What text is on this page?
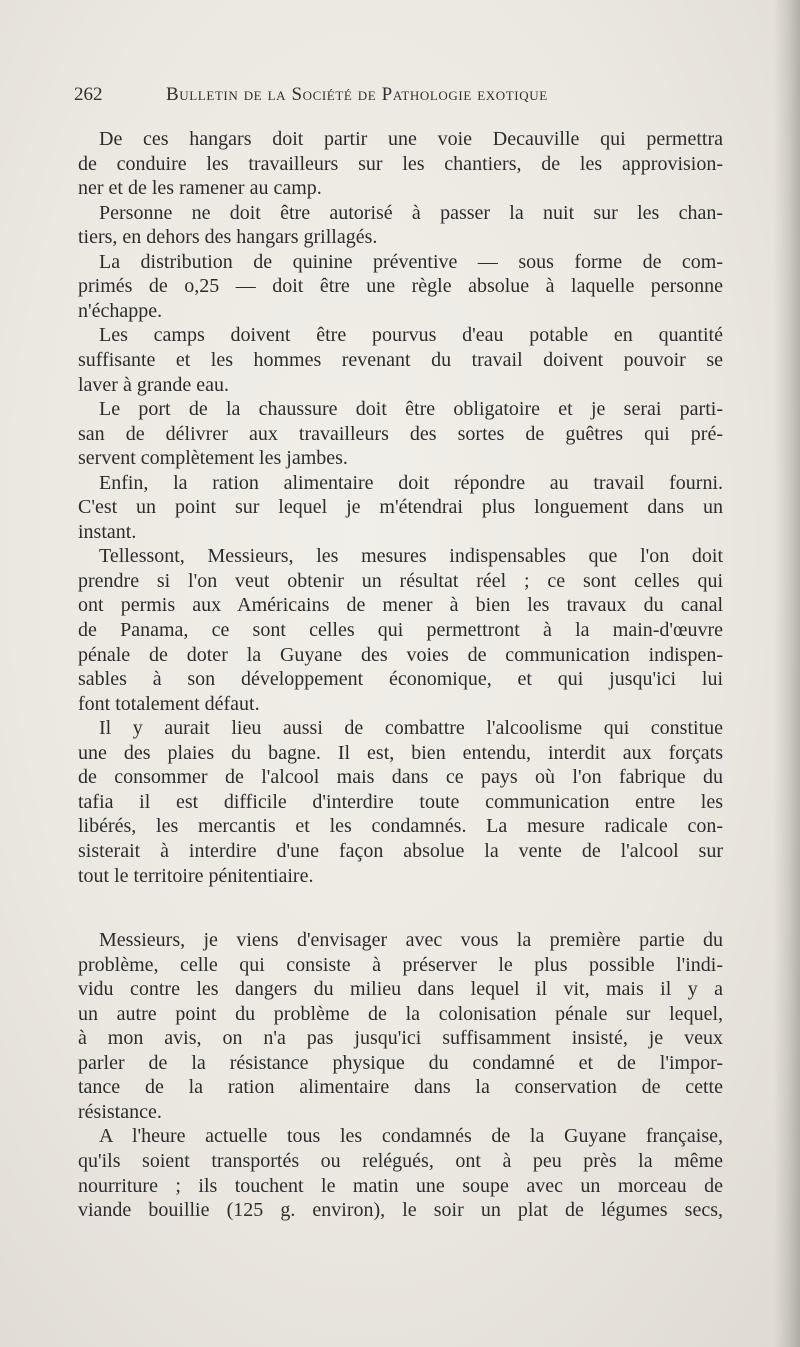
262	Bulletin de la Société de Pathologie exotique
De ces hangars doit partir une voie Decauville qui permettra
de conduire les travailleurs sur les chantiers, de les approvision-
ner et de les ramener au camp.
Personne ne doit être autorisé à passer la nuit sur les chan-
tiers, en dehors des hangars grillagés.
La distribution de quinine préventive — sous forme de com-
primés de o,25 — doit être une règle absolue à laquelle personne
n'échappe.
Les camps doivent être pourvus d'eau potable en quantité
suffisante et les hommes revenant du travail doivent pouvoir se
laver à grande eau.
Le port de la chaussure doit être obligatoire et je serai parti-
san de délivrer aux travailleurs des sortes de guêtres qui pré-
servent complètement les jambes.
Enfin, la ration alimentaire doit répondre au travail fourni.
C'est un point sur lequel je m'étendrai plus longuement dans un
instant.
Tellessont, Messieurs, les mesures indispensables que l'on doit
prendre si l'on veut obtenir un résultat réel ; ce sont celles qui
ont permis aux Américains de mener à bien les travaux du canal
de Panama, ce sont celles qui permettront à la main-d'œuvre
pénale de doter la Guyane des voies de communication indispen-
sables à son développement économique, et qui jusqu'ici lui
font totalement défaut.
Il y aurait lieu aussi de combattre l'alcoolisme qui constitue
une des plaies du bagne. Il est, bien entendu, interdit aux forçats
de consommer de l'alcool mais dans ce pays où l'on fabrique du
tafia il est difficile d'interdire toute communication entre les
libérés, les mercantis et les condamnés. La mesure radicale con-
sisterait à interdire d'une façon absolue la vente de l'alcool sur
tout le territoire pénitentiaire.
Messieurs, je viens d'envisager avec vous la première partie du
problème, celle qui consiste à préserver le plus possible l'indi-
vidu contre les dangers du milieu dans lequel il vit, mais il y a
un autre point du problème de la colonisation pénale sur lequel,
à mon avis, on n'a pas jusqu'ici suffisamment insisté, je veux
parler de la résistance physique du condamné et de l'impor-
tance de la ration alimentaire dans la conservation de cette
résistance.
A l'heure actuelle tous les condamnés de la Guyane française,
qu'ils soient transportés ou relégués, ont à peu près la même
nourriture ; ils touchent le matin une soupe avec un morceau de
viande bouillie (125 g. environ), le soir un plat de légumes secs,
